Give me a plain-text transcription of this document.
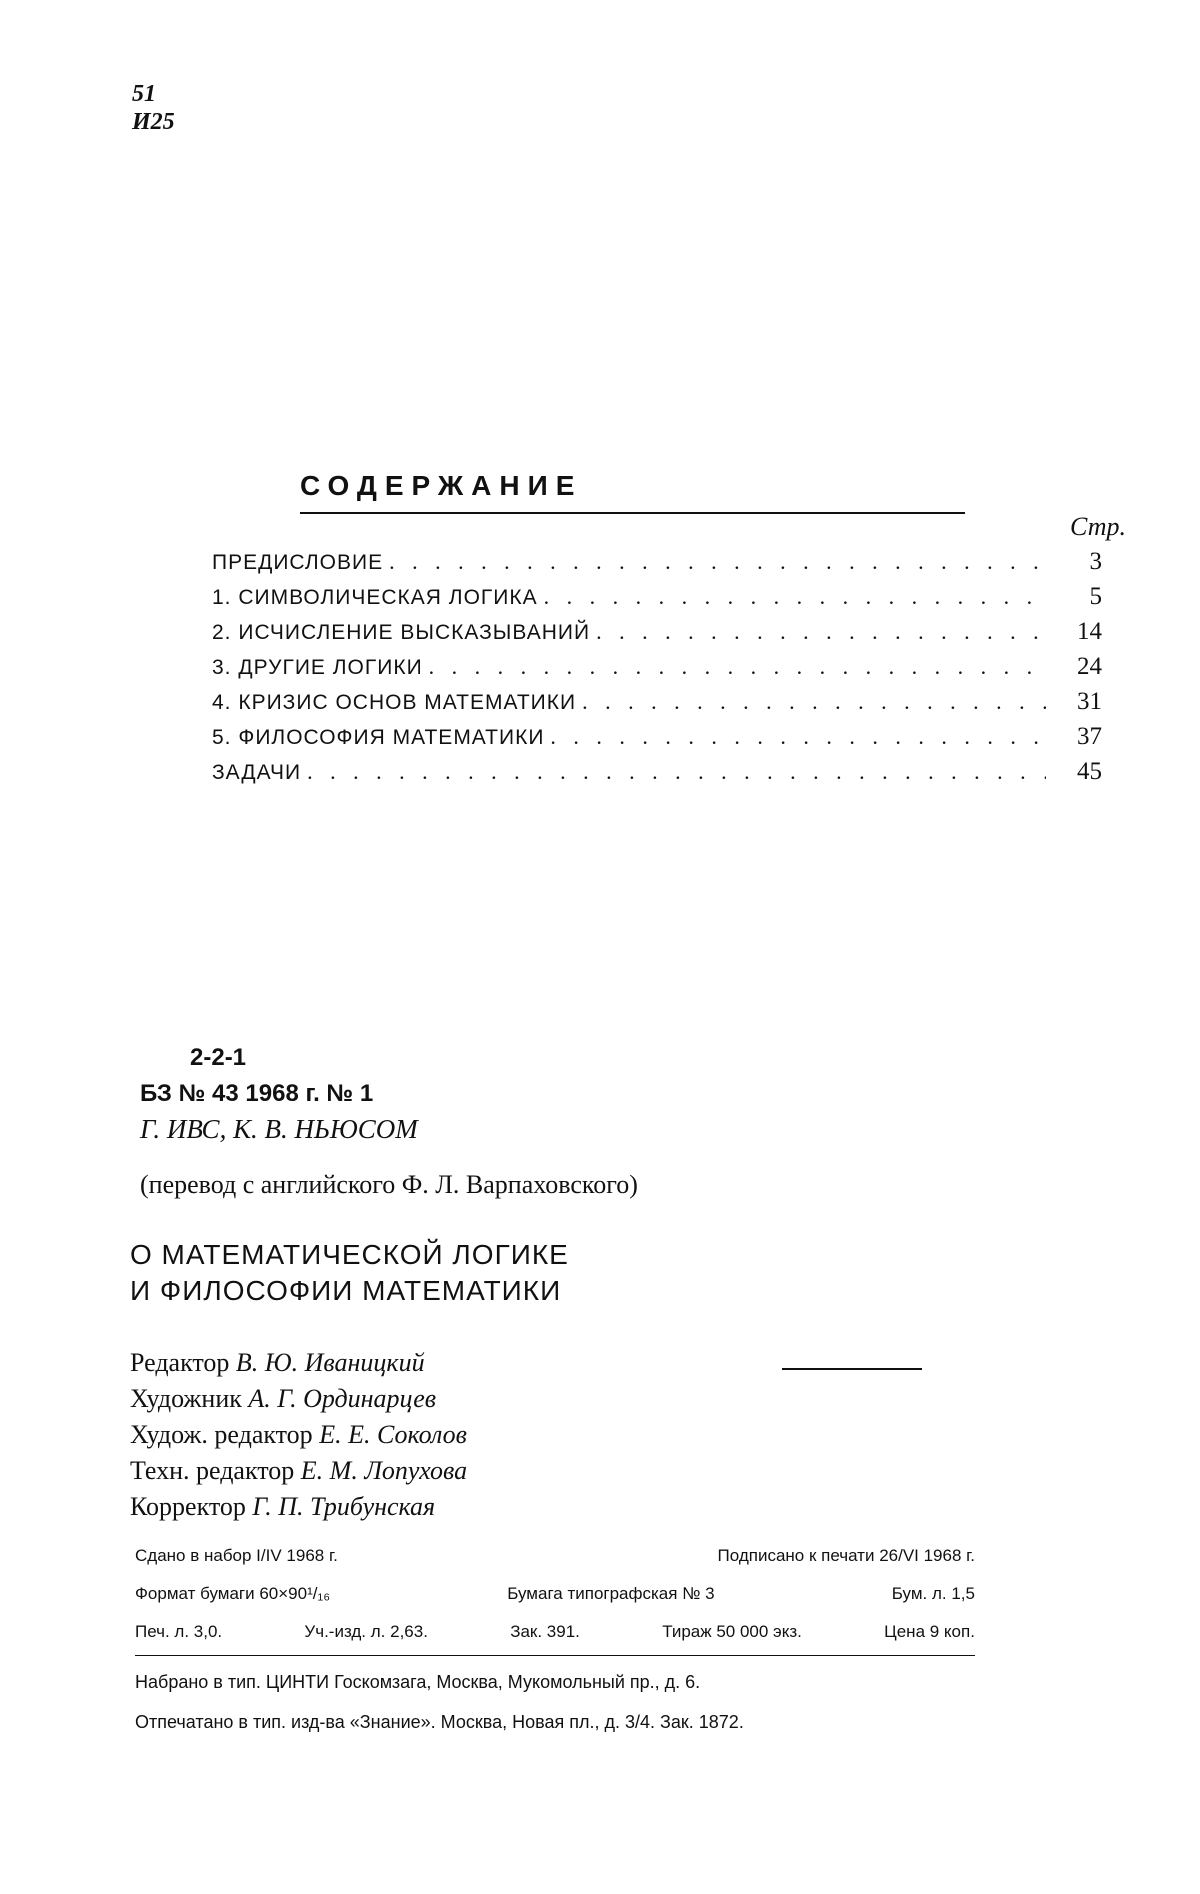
51
И25
СОДЕРЖАНИЕ
Стр.
ПРЕДИСЛОВИЕ . . .	3
1. СИМВОЛИЧЕСКАЯ ЛОГИКА . . .	5
2. ИСЧИСЛЕНИЕ ВЫСКАЗЫВАНИЙ . . .	14
3. ДРУГИЕ ЛОГИКИ . . .	24
4. КРИЗИС ОСНОВ МАТЕМАТИКИ . . .	31
5. ФИЛОСОФИЯ МАТЕМАТИКИ . . .	37
ЗАДАЧИ . . .	45
2-2-1
БЗ № 43 1968 г. № 1
Г. ИВС, К. В. НЬЮСОМ
(перевод с английского Ф. Л. Варпаховского)
О МАТЕМАТИЧЕСКОЙ ЛОГИКЕ
И ФИЛОСОФИИ МАТЕМАТИКИ
Редактор В. Ю. Иваницкий
Художник А. Г. Ординарцев
Худож. редактор Е. Е. Соколов
Техн. редактор Е. М. Лопухова
Корректор Г. П. Трибунская
Сдано в набор I/IV 1968 г.	Подписано к печати 26/VI 1968 г.
Формат бумаги 60×90¹/₁₆	Бумага типографская № 3	Бум. л. 1,5
Печ. л. 3,0.	Уч.-изд. л. 2,63.	Зак. 391.	Тираж 50 000 экз.	Цена 9 коп.
Набрано в тип. ЦИНТИ Госкомзага, Москва, Мукомольный пр., д. 6.
Отпечатано в тип. изд-ва «Знание». Москва, Новая пл., д. 3/4. Зак. 1872.
